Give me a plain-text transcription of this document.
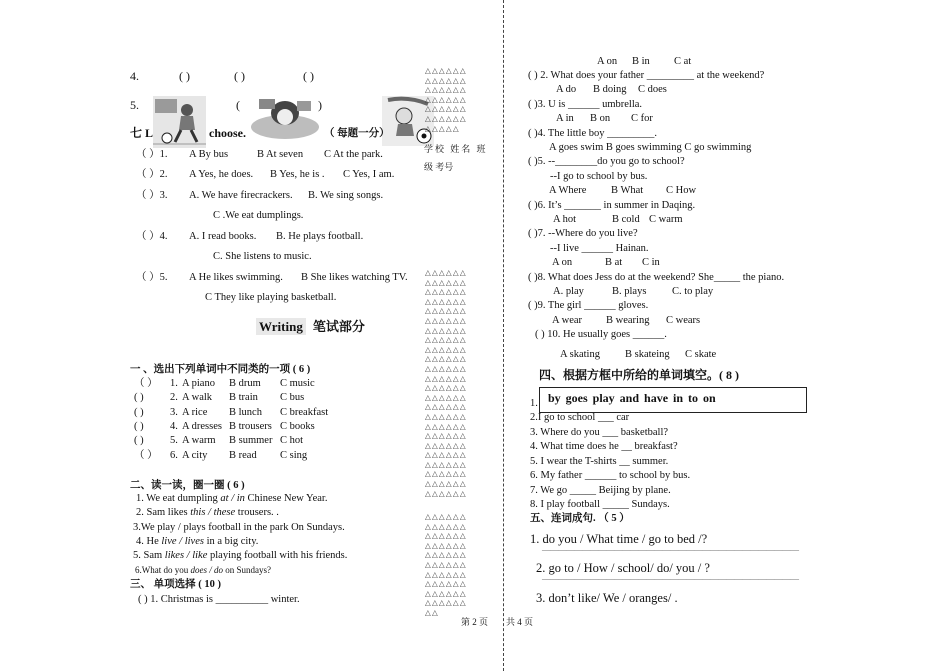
4.	( )	( )	( )
5.	(	)
七 L	choose.	（ 每题一分）
（ ）1. A By bus	B At seven C At the park.
（ ）2. A Yes, he does. B Yes, he is . C Yes, I am.
（ ）3. A. We have firecrackers. B. We sing songs.
C .We eat dumplings.
（ ）4. A. I read books. B. He plays football.
C. She listens to music.
（ ）5. A He likes swimming. B She likes watching TV.
C They like playing basketball.
Writing 笔试部分
一 、选出下列单词中不同类的一项 ( 6 )
（ ） 1. A piano B drum C music
( )	2. A walk B train C bus
( )	3. A rice B lunch C breakfast
( )	4. A dresses B trousers C books
( )	5. A warm B summer C hot
（ ） 6. A city B read C sing
二、读一读，圈一圈 ( 6 )
1. We eat dumpling at / in Chinese New Year.
2. Sam likes this / these trousers. .
3.We play / plays football in the park On Sundays.
4. He live / lives in a big city.
5. Sam likes / like playing football with his friends.
6.What do you does / do on Sundays?
三、 单项选择 ( 10 )
( ) 1. Christmas is __________ winter.
△△△△△△
△△△△△△
△△△△△△
△△△△△△
△△△△△△
△△△△△△
△△△△△
学校 姓名 班
级 考号
△△△△△△
△△△△△△
△△△△△△
△△△△△△
△△△△△△
△△△△△△
△△△△△△
△△△△△△
△△△△△△
△△△△△△
△△△△△△
△△△△△△
△△△△△△
△△△△△△
△△△△△△
△△△△△△
△△△△△△
△△△△△△
△△△△△△
△△△△△△
△△△△△△
△△△△△△
△△△△△△
△△△△△△
△△△△△△
△△△△△△
△△△△△△
△△△△△△
△△△△△△
△△△△△△
△△△△△△
△△△△△△
△△△△△△
△△△△△△
△△
第 2 页 共 4 页
A on B in C at
( ) 2. What does your father _________ at the weekend?
A do B doing C does
( )3. U is ______ umbrella.
A in B on C for
( )4. The little boy _________.
A goes swim B goes swimming C go swimming
( )5. --________do you go to school?
--I go to school by bus.
A Where B What C How
( )6. It’s _______ in summer in Daqing.
A hot	B cold C warm
( )7. --Where do you live?
--I live ______ Hainan.
A on	B at C in
( )8. What does Jess do at the weekend? She_____ the piano.
A. play	B. plays C. to play
( )9. The girl ______ gloves.
A wear B wearing C wears
( ) 10. He usually goes ______.
A skating B skateing C skate
四、根据方框中所给的单词填空。( 8 )
by goes play and have in to on
1.
2.I go to school ___ car
3. Where do you ___ basketball?
4. What time does he __ breakfast?
5. I wear the T-shirts __ summer.
6. My father ______ to school by bus.
7. We go _____ Beijing by plane.
8. I play football _____ Sundays.
五、连词成句. （ 5 ）
1. do you / What time / go to bed /?
————————————————————————————————
2. go to / How / school/ do/ you / ?
————————————————————————————————
3. don’t like/ We / oranges/ .
